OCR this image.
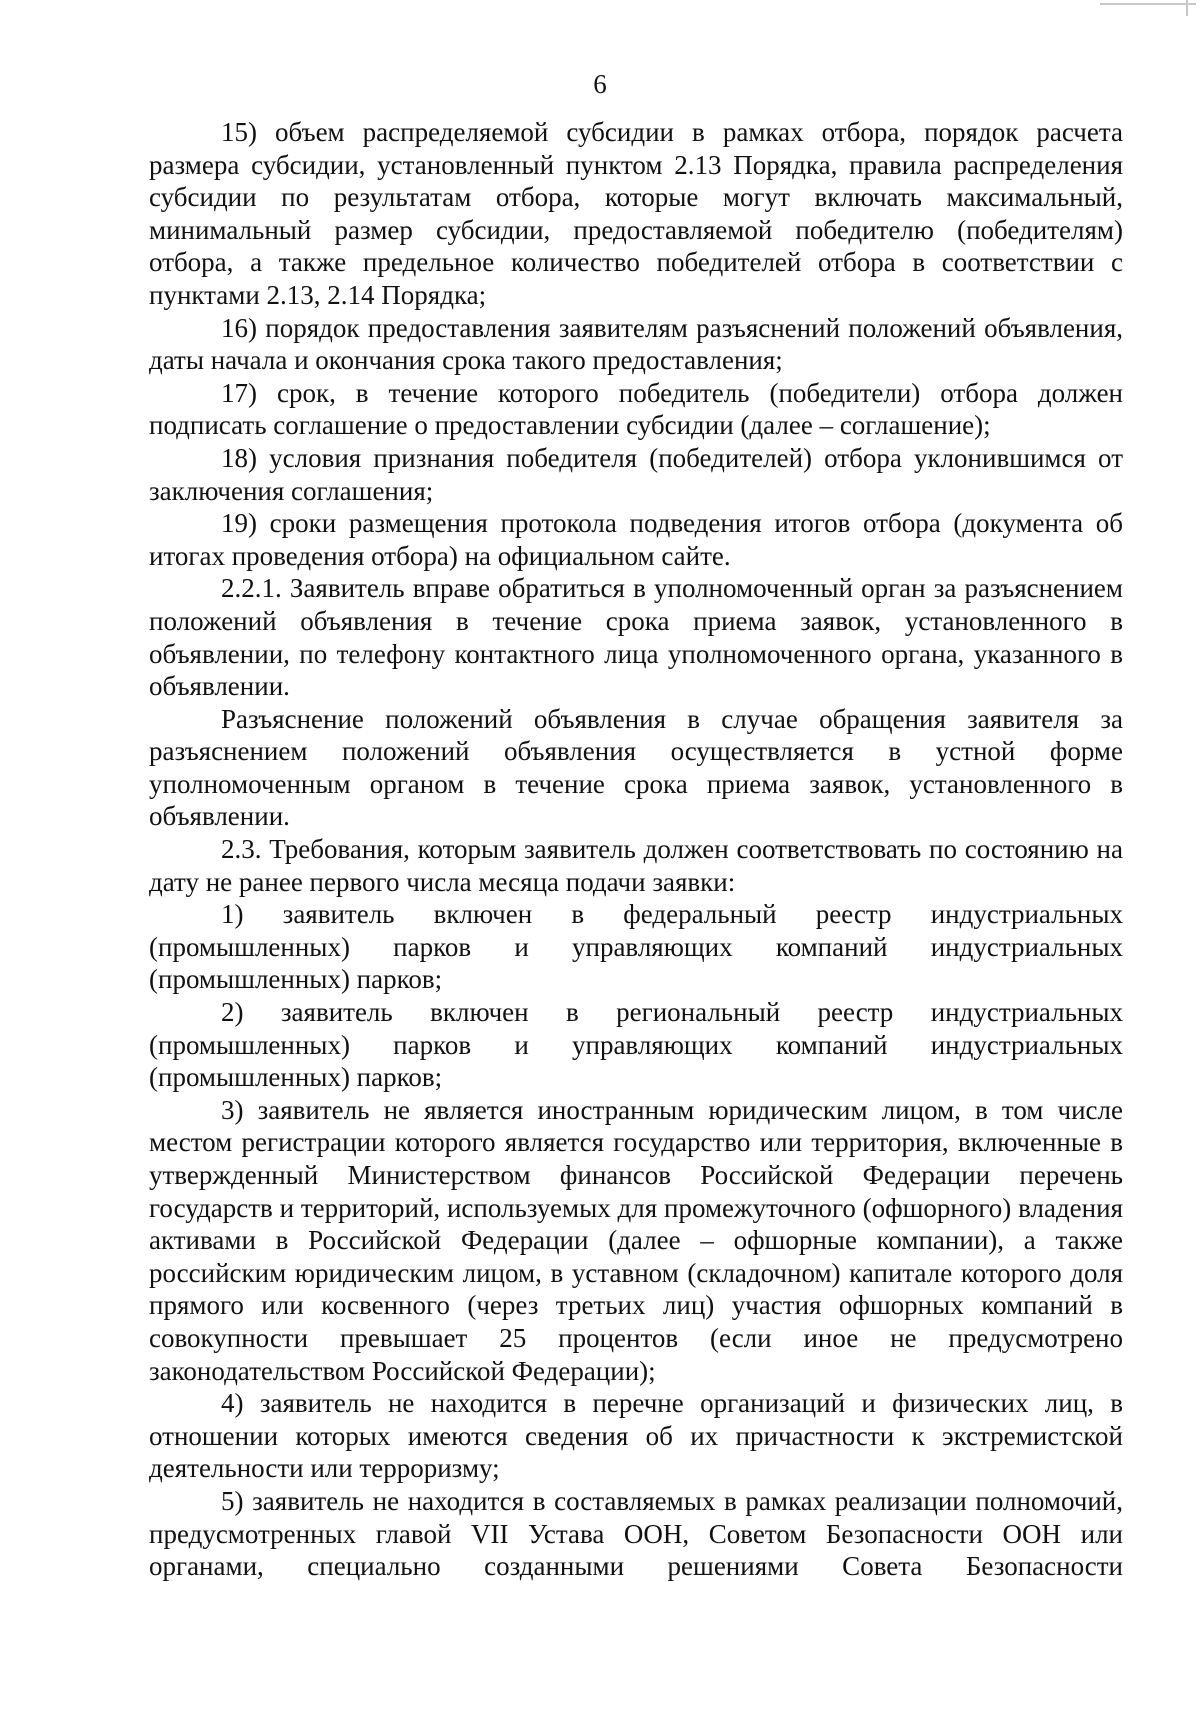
6

15) объем распределяемой субсидии в рамках отбора, порядок расчета размера субсидии, установленный пунктом 2.13 Порядка, правила распределения субсидии по результатам отбора, которые могут включать максимальный, минимальный размер субсидии, предоставляемой победителю (победителям) отбора, а также предельное количество победителей отбора в соответствии с пунктами 2.13, 2.14 Порядка;

16) порядок предоставления заявителям разъяснений положений объявления, даты начала и окончания срока такого предоставления;

17) срок, в течение которого победитель (победители) отбора должен подписать соглашение о предоставлении субсидии (далее – соглашение);

18) условия признания победителя (победителей) отбора уклонившимся от заключения соглашения;

19) сроки размещения протокола подведения итогов отбора (документа об итогах проведения отбора) на официальном сайте.

2.2.1. Заявитель вправе обратиться в уполномоченный орган за разъяснением положений объявления в течение срока приема заявок, установленного в объявлении, по телефону контактного лица уполномоченного органа, указанного в объявлении.

Разъяснение положений объявления в случае обращения заявителя за разъяснением положений объявления осуществляется в устной форме уполномоченным органом в течение срока приема заявок, установленного в объявлении.

2.3. Требования, которым заявитель должен соответствовать по состоянию на дату не ранее первого числа месяца подачи заявки:

1) заявитель включен в федеральный реестр индустриальных (промышленных) парков и управляющих компаний индустриальных (промышленных) парков;

2) заявитель включен в региональный реестр индустриальных (промышленных) парков и управляющих компаний индустриальных (промышленных) парков;

3) заявитель не является иностранным юридическим лицом, в том числе местом регистрации которого является государство или территория, включенные в утвержденный Министерством финансов Российской Федерации перечень государств и территорий, используемых для промежуточного (офшорного) владения активами в Российской Федерации (далее – офшорные компании), а также российским юридическим лицом, в уставном (складочном) капитале которого доля прямого или косвенного (через третьих лиц) участия офшорных компаний в совокупности превышает 25 процентов (если иное не предусмотрено законодательством Российской Федерации);

4) заявитель не находится в перечне организаций и физических лиц, в отношении которых имеются сведения об их причастности к экстремистской деятельности или терроризму;

5) заявитель не находится в составляемых в рамках реализации полномочий, предусмотренных главой VII Устава ООН, Советом Безопасности ООН или органами, специально созданными решениями Совета Безопасности
